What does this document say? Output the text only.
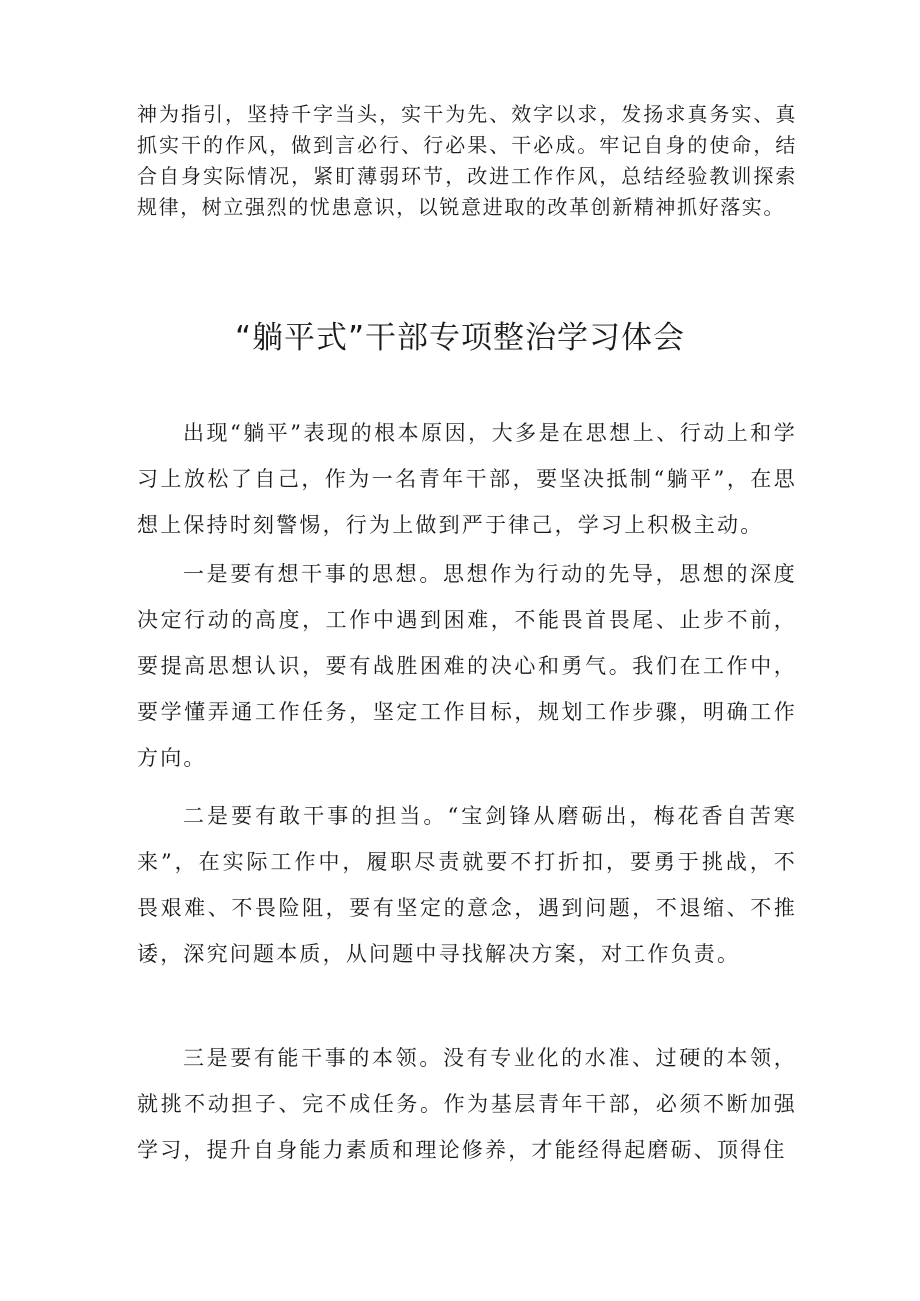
神为指引，坚持千字当头，实干为先、效字以求，发扬求真务实、真抓实干的作风，做到言必行、行必果、干必成。牢记自身的使命，结合自身实际情况，紧盯薄弱环节，改进工作作风，总结经验教训探索规律，树立强烈的忧患意识，以锐意进取的改革创新精神抓好落实。

“躺平式”干部专项整治学习体会

出现“躺平”表现的根本原因，大多是在思想上、行动上和学习上放松了自己，作为一名青年干部，要坚决抵制“躺平”，在思想上保持时刻警惕，行为上做到严于律己，学习上积极主动。

一是要有想干事的思想。思想作为行动的先导，思想的深度决定行动的高度，工作中遇到困难，不能畏首畏尾、止步不前，要提高思想认识，要有战胜困难的决心和勇气。我们在工作中，要学懂弄通工作任务，坚定工作目标，规划工作步骤，明确工作方向。

二是要有敢干事的担当。“宝剑锋从磨砺出，梅花香自苦寒来”，在实际工作中，履职尽责就要不打折扣，要勇于挑战，不畏艰难、不畏险阻，要有坚定的意念，遇到问题，不退缩、不推诿，深究问题本质，从问题中寻找解决方案，对工作负责。

三是要有能干事的本领。没有专业化的水准、过硬的本领，就挑不动担子、完不成任务。作为基层青年干部，必须不断加强学习，提升自身能力素质和理论修养，才能经得起磨砺、顶得住
